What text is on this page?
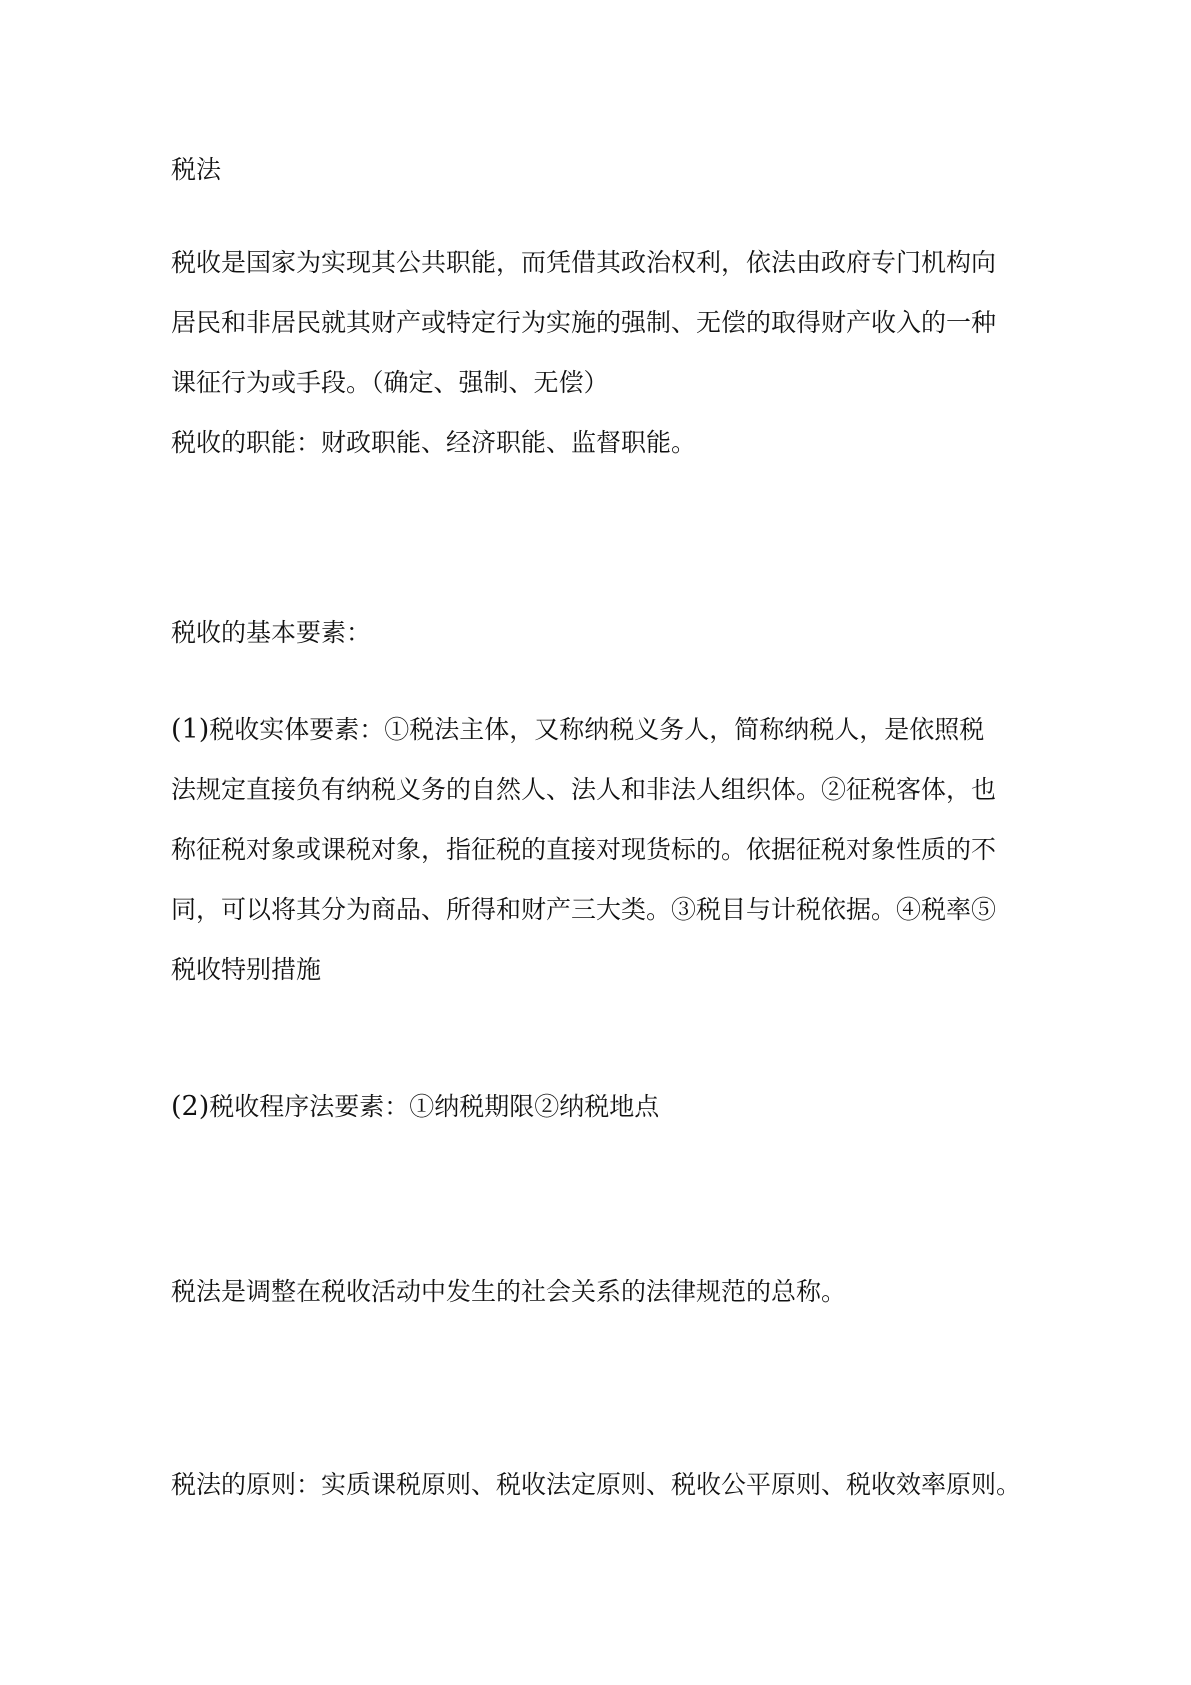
税法

税收是国家为实现其公共职能，而凭借其政治权利，依法由政府专门机构向
居民和非居民就其财产或特定行为实施的强制、无偿的取得财产收入的一种
课征行为或手段。（确定、强制、无偿）

税收的职能：财政职能、经济职能、监督职能。

税收的基本要素：

(1)税收实体要素：①税法主体，又称纳税义务人，简称纳税人，是依照税
法规定直接负有纳税义务的自然人、法人和非法人组织体。②征税客体，也
称征税对象或课税对象，指征税的直接对现货标的。依据征税对象性质的不
同，可以将其分为商品、所得和财产三大类。③税目与计税依据。④税率⑤
税收特别措施

(2)税收程序法要素：①纳税期限②纳税地点

税法是调整在税收活动中发生的社会关系的法律规范的总称。

税法的原则：实质课税原则、税收法定原则、税收公平原则、税收效率原则。
